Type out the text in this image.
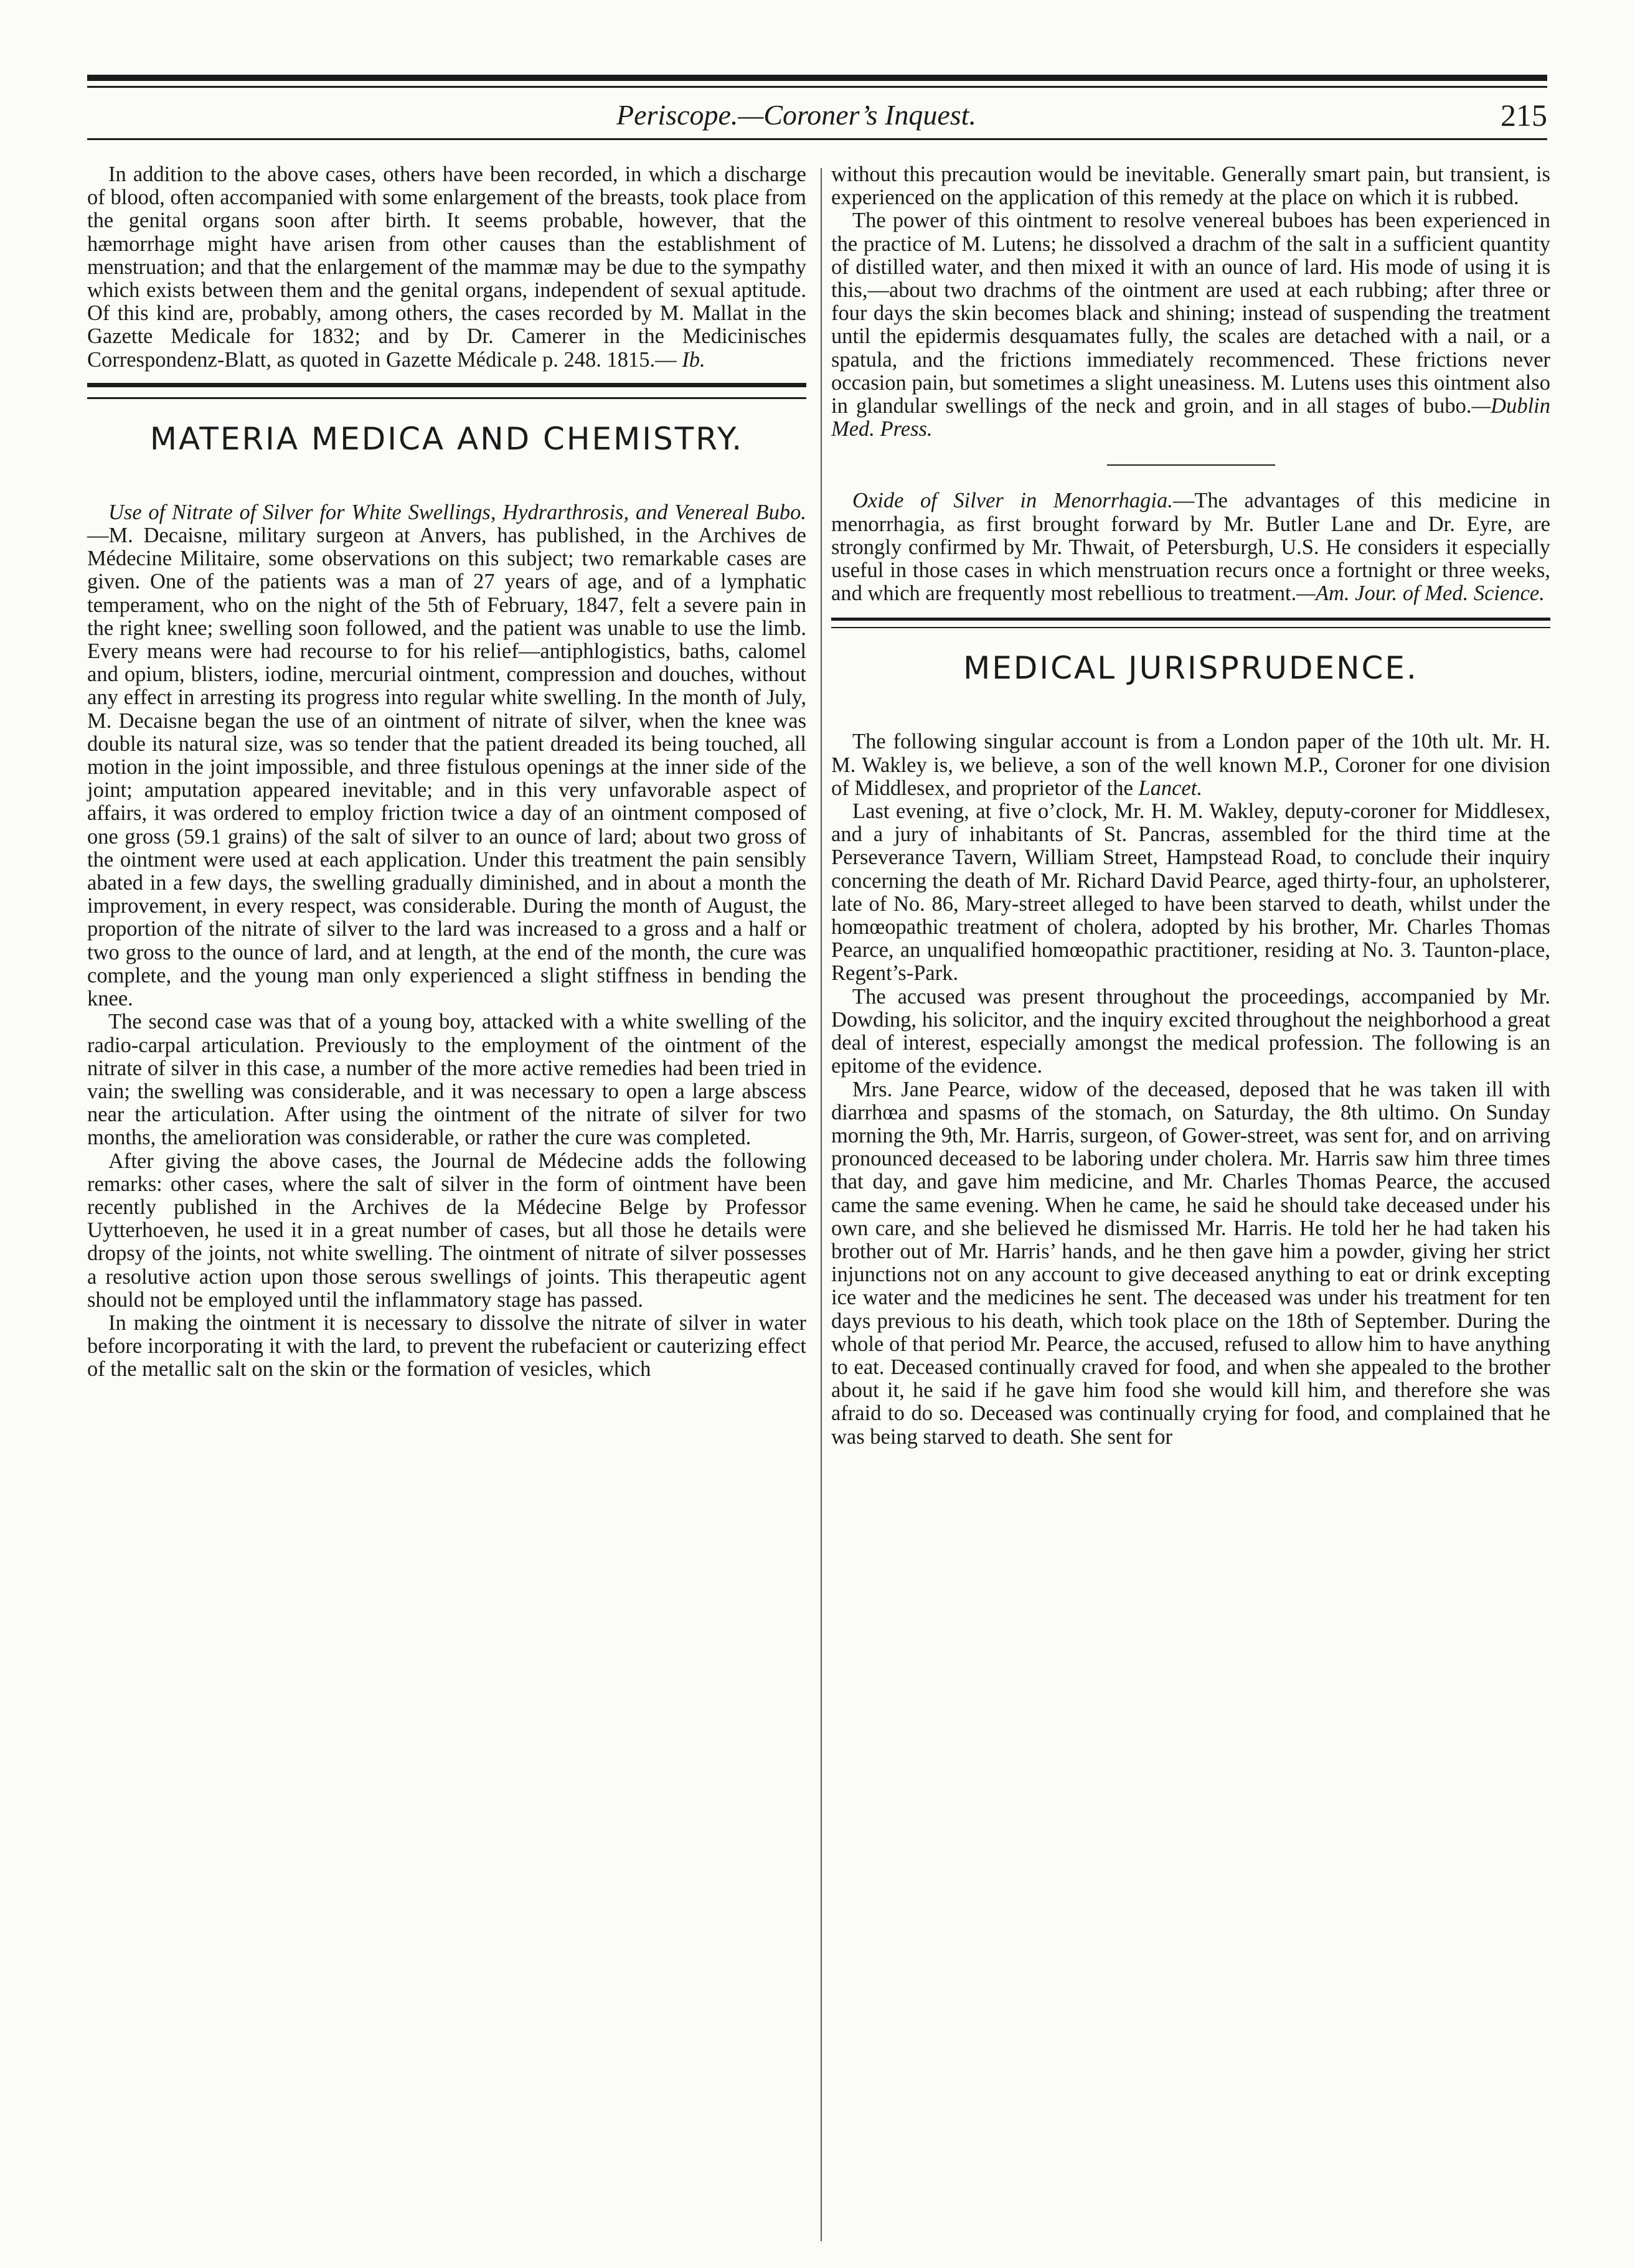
Periscope.—Coroner’s Inquest.	215

In addition to the above cases, others have been recorded, in which a discharge of blood, often accompanied with some enlargement of the breasts, took place from the genital organs soon after birth. It seems probable, however, that the hæmorrhage might have arisen from other causes than the establishment of menstruation; and that the enlargement of the mammæ may be due to the sympathy which exists between them and the genital organs, independent of sexual aptitude. Of this kind are, probably, among others, the cases recorded by M. Mallat in the Gazette Medicale for 1832; and by Dr. Camerer in the Medicinisches Correspondenz-Blatt, as quoted in Gazette Médicale p. 248. 1815.— Ib.

MATERIA MEDICA AND CHEMISTRY.

Use of Nitrate of Silver for White Swellings, Hydrarthrosis, and Venereal Bubo.—M. Decaisne, military surgeon at Anvers, has published, in the Archives de Médecine Militaire, some observations on this subject; two remarkable cases are given. One of the patients was a man of 27 years of age, and of a lymphatic temperament, who on the night of the 5th of February, 1847, felt a severe pain in the right knee; swelling soon followed, and the patient was unable to use the limb. Every means were had recourse to for his relief—antiphlogistics, baths, calomel and opium, blisters, iodine, mercurial ointment, compression and douches, without any effect in arresting its progress into regular white swelling. In the month of July, M. Decaisne began the use of an ointment of nitrate of silver, when the knee was double its natural size, was so tender that the patient dreaded its being touched, all motion in the joint impossible, and three fistulous openings at the inner side of the joint; amputation appeared inevitable; and in this very unfavorable aspect of affairs, it was ordered to employ friction twice a day of an ointment composed of one gross (59.1 grains) of the salt of silver to an ounce of lard; about two gross of the ointment were used at each application. Under this treatment the pain sensibly abated in a few days, the swelling gradually diminished, and in about a month the improvement, in every respect, was considerable. During the month of August, the proportion of the nitrate of silver to the lard was increased to a gross and a half or two gross to the ounce of lard, and at length, at the end of the month, the cure was complete, and the young man only experienced a slight stiffness in bending the knee.

The second case was that of a young boy, attacked with a white swelling of the radio-carpal articulation. Previously to the employment of the ointment of the nitrate of silver in this case, a number of the more active remedies had been tried in vain; the swelling was considerable, and it was necessary to open a large abscess near the articulation. After using the ointment of the nitrate of silver for two months, the amelioration was considerable, or rather the cure was completed.

After giving the above cases, the Journal de Médecine adds the following remarks: other cases, where the salt of silver in the form of ointment have been recently published in the Archives de la Médecine Belge by Professor Uytterhoeven, he used it in a great number of cases, but all those he details were dropsy of the joints, not white swelling. The ointment of nitrate of silver possesses a resolutive action upon those serous swellings of joints. This therapeutic agent should not be employed until the inflammatory stage has passed.

In making the ointment it is necessary to dissolve the nitrate of silver in water before incorporating it with the lard, to prevent the rubefacient or cauterizing effect of the metallic salt on the skin or the formation of vesicles, which

without this precaution would be inevitable. Generally smart pain, but transient, is experienced on the application of this remedy at the place on which it is rubbed.

The power of this ointment to resolve venereal buboes has been experienced in the practice of M. Lutens; he dissolved a drachm of the salt in a sufficient quantity of distilled water, and then mixed it with an ounce of lard. His mode of using it is this,—about two drachms of the ointment are used at each rubbing; after three or four days the skin becomes black and shining; instead of suspending the treatment until the epidermis desquamates fully, the scales are detached with a nail, or a spatula, and the frictions immediately recommenced. These frictions never occasion pain, but sometimes a slight uneasiness. M. Lutens uses this ointment also in glandular swellings of the neck and groin, and in all stages of bubo.—Dublin Med. Press.

Oxide of Silver in Menorrhagia.—The advantages of this medicine in menorrhagia, as first brought forward by Mr. Butler Lane and Dr. Eyre, are strongly confirmed by Mr. Thwait, of Petersburgh, U.S. He considers it especially useful in those cases in which menstruation recurs once a fortnight or three weeks, and which are frequently most rebellious to treatment.—Am. Jour. of Med. Science.

MEDICAL JURISPRUDENCE.

The following singular account is from a London paper of the 10th ult. Mr. H. M. Wakley is, we believe, a son of the well known M.P., Coroner for one division of Middlesex, and proprietor of the Lancet.

Last evening, at five o’clock, Mr. H. M. Wakley, deputy-coroner for Middlesex, and a jury of inhabitants of St. Pancras, assembled for the third time at the Perseverance Tavern, William Street, Hampstead Road, to conclude their inquiry concerning the death of Mr. Richard David Pearce, aged thirty-four, an upholsterer, late of No. 86, Mary-street alleged to have been starved to death, whilst under the homœopathic treatment of cholera, adopted by his brother, Mr. Charles Thomas Pearce, an unqualified homœopathic practitioner, residing at No. 3. Taunton-place, Regent’s-Park.

The accused was present throughout the proceedings, accompanied by Mr. Dowding, his solicitor, and the inquiry excited throughout the neighborhood a great deal of interest, especially amongst the medical profession. The following is an epitome of the evidence.

Mrs. Jane Pearce, widow of the deceased, deposed that he was taken ill with diarrhœa and spasms of the stomach, on Saturday, the 8th ultimo. On Sunday morning the 9th, Mr. Harris, surgeon, of Gower-street, was sent for, and on arriving pronounced deceased to be laboring under cholera. Mr. Harris saw him three times that day, and gave him medicine, and Mr. Charles Thomas Pearce, the accused came the same evening. When he came, he said he should take deceased under his own care, and she believed he dismissed Mr. Harris. He told her he had taken his brother out of Mr. Harris’ hands, and he then gave him a powder, giving her strict injunctions not on any account to give deceased anything to eat or drink excepting ice water and the medicines he sent. The deceased was under his treatment for ten days previous to his death, which took place on the 18th of September. During the whole of that period Mr. Pearce, the accused, refused to allow him to have anything to eat. Deceased continually craved for food, and when she appealed to the brother about it, he said if he gave him food she would kill him, and therefore she was afraid to do so. Deceased was continually crying for food, and complained that he was being starved to death. She sent for
